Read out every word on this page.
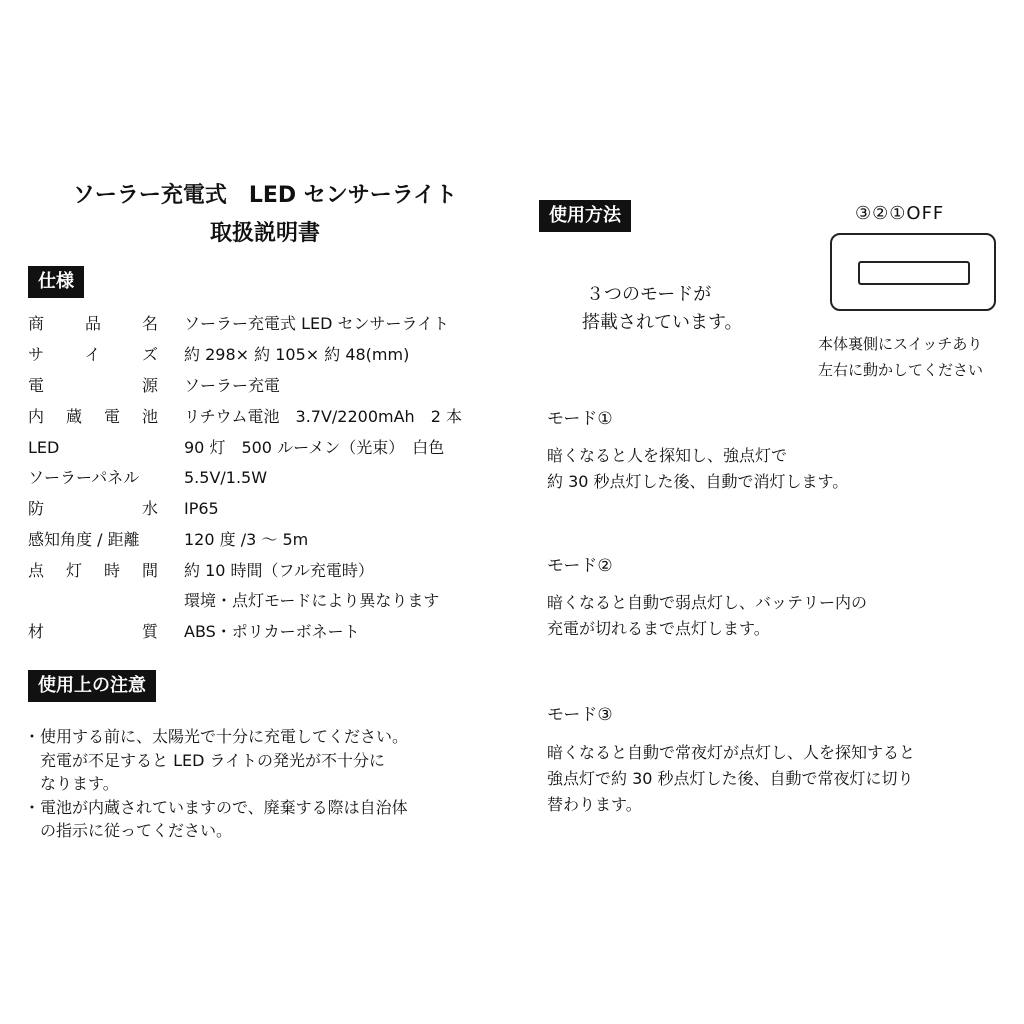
ソーラー充電式　LED センサーライト
取扱説明書
仕様
商品名 ソーラー充電式 LED センサーライト
サイズ 約 298× 約 105× 約 48(mm)
電源 ソーラー充電
内蔵電池 リチウム電池　3.7V/2200mAh　2 本
LED	90 灯　500 ルーメン（光束）　白色
ソーラーパネル	5.5V/1.5W
防水 IP65
感知角度 / 距離	120 度 /3 ～ 5m
点灯時間 約 10 時間（フル充電時）
環境・点灯モードにより異なります
材質 ABS・ポリカーボネート
使用上の注意
・使用する前に、太陽光で十分に充電してください。
　充電が不足すると LED ライトの発光が不十分に
　なります。
・電池が内蔵されていますので、廃棄する際は自治体
　の指示に従ってください。
使用方法
３つのモードが
搭載されています。
③②①OFF
本体裏側にスイッチあり
左右に動かしてください
モード①
暗くなると人を探知し、強点灯で
約 30 秒点灯した後、自動で消灯します。
モード②
暗くなると自動で弱点灯し、バッテリー内の
充電が切れるまで点灯します。
モード③
暗くなると自動で常夜灯が点灯し、人を探知すると
強点灯で約 30 秒点灯した後、自動で常夜灯に切り
替わります。
